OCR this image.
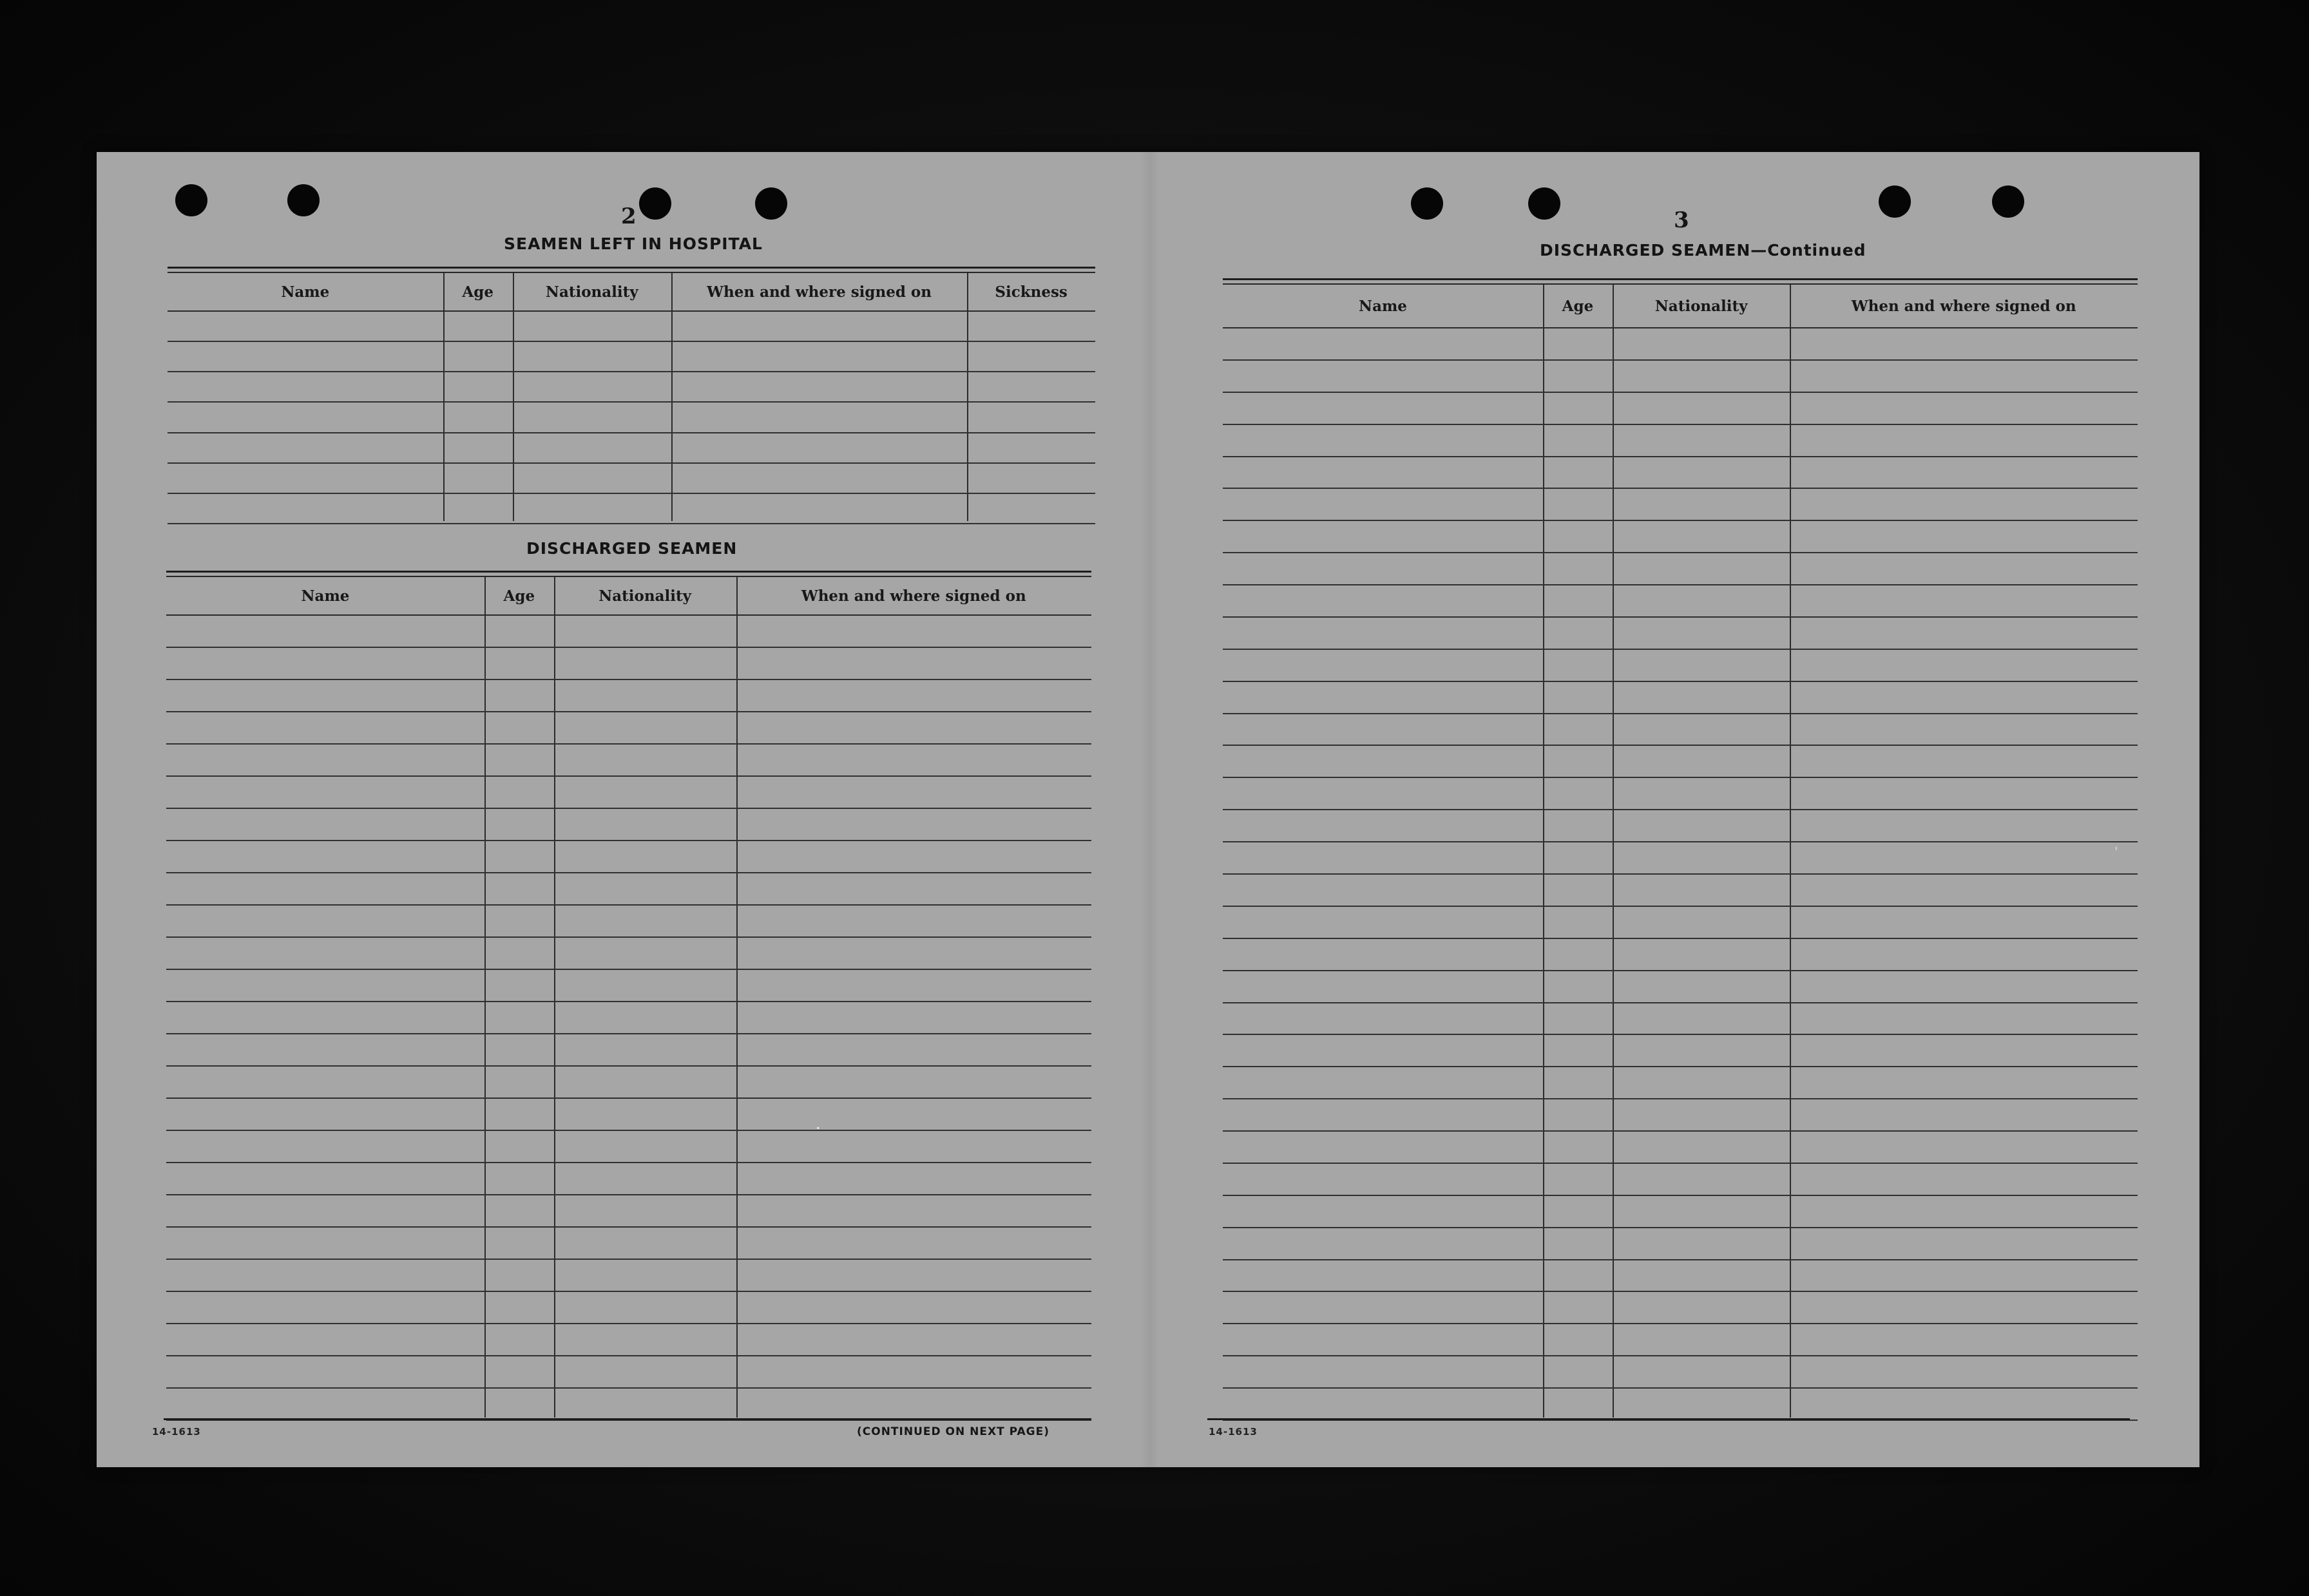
2
SEAMEN LEFT IN HOSPITAL
Name	Age	Nationality	When and where signed on	Sickness
DISCHARGED SEAMEN
Name	Age	Nationality	When and where signed on
14-1613	(CONTINUED ON NEXT PAGE)
3
DISCHARGED SEAMEN—Continued
Name	Age	Nationality	When and where signed on
14-1613
·
'
